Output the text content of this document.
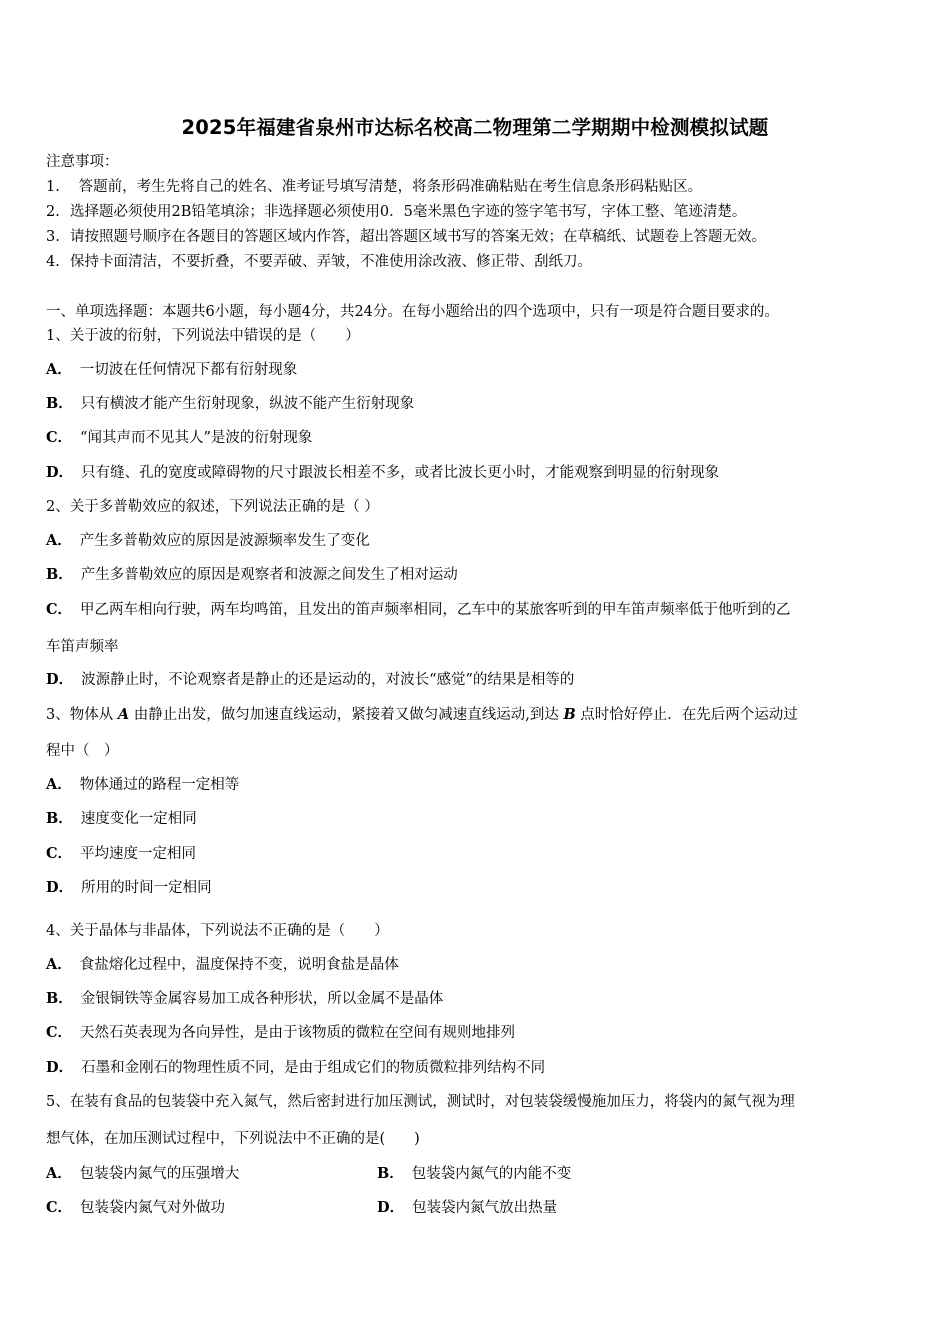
2025年福建省泉州市达标名校高二物理第二学期期中检测模拟试题
注意事项：
1. 答题前，考生先将自己的姓名、准考证号填写清楚，将条形码准确粘贴在考生信息条形码粘贴区。
2. 选择题必须使用2B铅笔填涂；非选择题必须使用0．5毫米黑色字迹的签字笔书写，字体工整、笔迹清楚。
3. 请按照题号顺序在各题目的答题区域内作答，超出答题区域书写的答案无效；在草稿纸、试题卷上答题无效。
4. 保持卡面清洁，不要折叠，不要弄破、弄皱，不准使用涂改液、修正带、刮纸刀。
一、单项选择题：本题共6小题，每小题4分，共24分。在每小题给出的四个选项中，只有一项是符合题目要求的。
1、关于波的衍射，下列说法中错误的是（　　）
A． 一切波在任何情况下都有衍射现象
B． 只有横波才能产生衍射现象，纵波不能产生衍射现象
C． “闻其声而不见其人”是波的衍射现象
D． 只有缝、孔的宽度或障碍物的尺寸跟波长相差不多，或者比波长更小时，才能观察到明显的衍射现象
2、关于多普勒效应的叙述，下列说法正确的是（ ）
A． 产生多普勒效应的原因是波源频率发生了变化
B． 产生多普勒效应的原因是观察者和波源之间发生了相对运动
C． 甲乙两车相向行驶，两车均鸣笛，且发出的笛声频率相同，乙车中的某旅客听到的甲车笛声频率低于他听到的乙
车笛声频率
D． 波源静止时，不论观察者是静止的还是运动的，对波长“感觉”的结果是相等的
3、物体从 A 由静止出发，做匀加速直线运动，紧接着又做匀减速直线运动,到达 B 点时恰好停止．在先后两个运动过
程中（　）
A． 物体通过的路程一定相等
B． 速度变化一定相同
C． 平均速度一定相同
D． 所用的时间一定相同
4、关于晶体与非晶体，下列说法不正确的是（　　）
A． 食盐熔化过程中，温度保持不变，说明食盐是晶体
B． 金银铜铁等金属容易加工成各种形状，所以金属不是晶体
C． 天然石英表现为各向异性，是由于该物质的微粒在空间有规则地排列
D． 石墨和金刚石的物理性质不同，是由于组成它们的物质微粒排列结构不同
5、在装有食品的包装袋中充入氮气，然后密封进行加压测试，测试时，对包装袋缓慢施加压力，将袋内的氮气视为理
想气体，在加压测试过程中，下列说法中不正确的是(　　)
A． 包装袋内氮气的压强增大	B． 包装袋内氮气的内能不变
C． 包装袋内氮气对外做功	D． 包装袋内氮气放出热量
